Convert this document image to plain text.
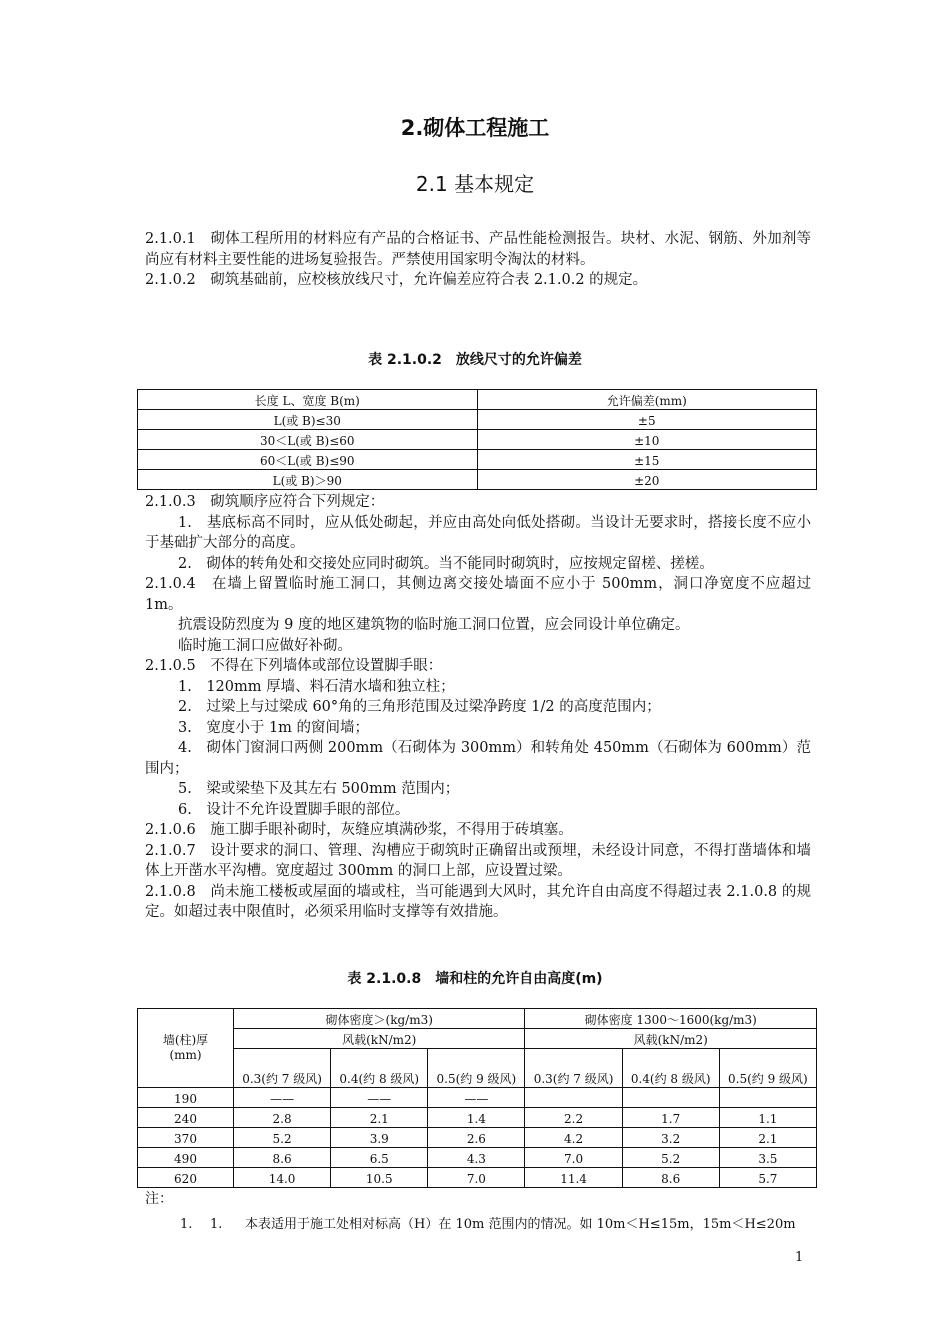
2.砌体工程施工
2.1 基本规定

2.1.0.1　砌体工程所用的材料应有产品的合格证书、产品性能检测报告。块材、水泥、钢筋、外加剂等尚应有材料主要性能的进场复验报告。严禁使用国家明令淘汰的材料。

2.1.0.2　砌筑基础前，应校核放线尺寸，允许偏差应符合表 2.1.0.2 的规定。

表 2.1.0.2　放线尺寸的允许偏差
长度 L、宽度 B(m)	允许偏差(mm)
L(或 B)≤30	±5
30＜L(或 B)≤60	±10
60＜L(或 B)≤90	±15
L(或 B)＞90	±20

2.1.0.3　砌筑顺序应符合下列规定：

1.　基底标高不同时，应从低处砌起，并应由高处向低处搭砌。当设计无要求时，搭接长度不应小于基础扩大部分的高度。

2.　砌体的转角处和交接处应同时砌筑。当不能同时砌筑时，应按规定留槎、搓槎。

2.1.0.4　在墙上留置临时施工洞口，其侧边离交接处墙面不应小于 500mm，洞口净宽度不应超过 1m。

抗震设防烈度为 9 度的地区建筑物的临时施工洞口位置，应会同设计单位确定。

临时施工洞口应做好补砌。

2.1.0.5　不得在下列墙体或部位设置脚手眼：

1.　120mm 厚墙、料石清水墙和独立柱；

2.　过梁上与过梁成 60°角的三角形范围及过梁净跨度 1/2 的高度范围内；

3.　宽度小于 1m 的窗间墙；

4.　砌体门窗洞口两侧 200mm（石砌体为 300mm）和转角处 450mm（石砌体为 600mm）范围内；

5.　梁或梁垫下及其左右 500mm 范围内；

6.　设计不允许设置脚手眼的部位。

2.1.0.6　施工脚手眼补砌时，灰缝应填满砂浆，不得用于砖填塞。

2.1.0.7　设计要求的洞口、管理、沟槽应于砌筑时正确留出或预埋，未经设计同意，不得打凿墙体和墙体上开凿水平沟槽。宽度超过 300mm 的洞口上部，应设置过梁。

2.1.0.8　尚未施工楼板或屋面的墙或柱，当可能遇到大风时，其允许自由高度不得超过表 2.1.0.8 的规定。如超过表中限值时，必须采用临时支撑等有效措施。

表 2.1.0.8　墙和柱的允许自由高度(m)
墙(柱)厚
(mm)	砌体密度＞(kg/m3)			砌体密度 1300～1600(kg/m3)		
	风载(kN/m2)			风载(kN/m2)		
	0.3(约 7 级风)	0.4(约 8 级风)	0.5(约 9 级风)	0.3(约 7 级风)	0.4(约 8 级风)	0.5(约 9 级风)
190	——	——	——			
240	2.8	2.1	1.4	2.2	1.7	1.1
370	5.2	3.9	2.6	4.2	3.2	2.1
490	8.6	6.5	4.3	7.0	5.2	3.5
620	14.0	10.5	7.0	11.4	8.6	5.7
注：
1. 1. 本表适用于施工处相对标高（H）在 10m 范围内的情况。如 10m＜H≤15m，15m＜H≤20m
1
